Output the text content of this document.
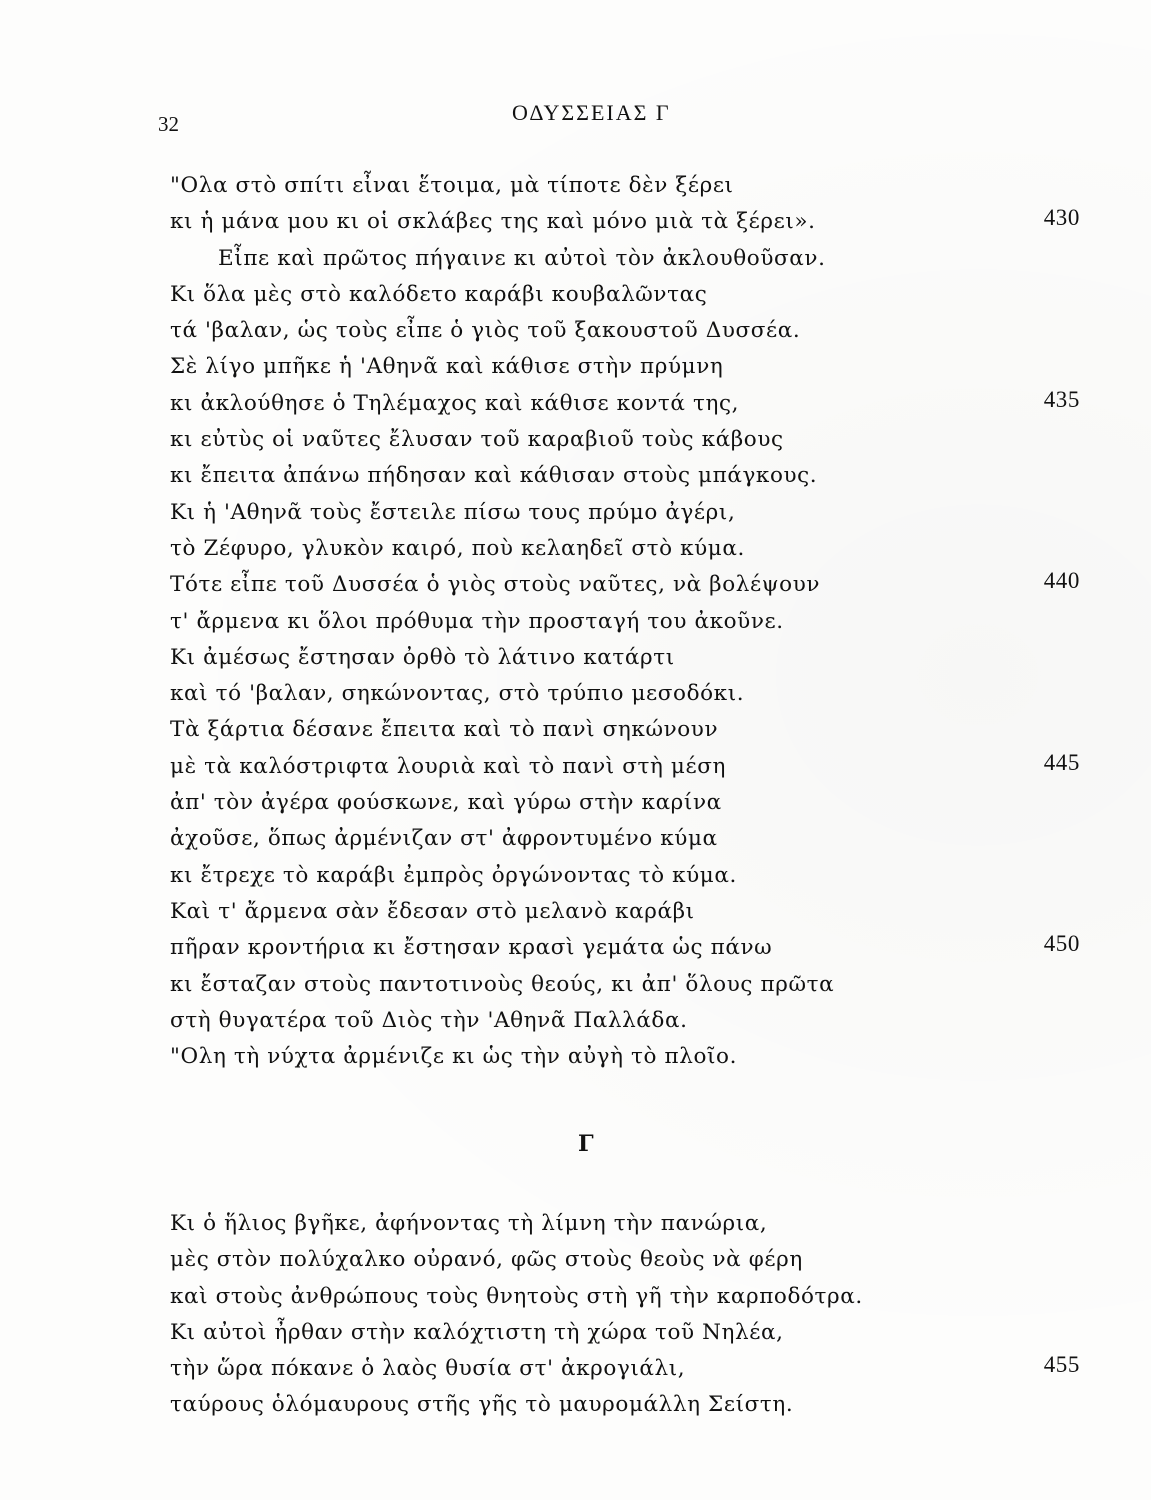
32	ΟΔΥΣΣΕΙΑΣ Γ
"Ολα στὸ σπίτι εἶναι ἕτοιμα, μὰ τίποτε δὲν ξέρει
κι ἡ μάνα μου κι οἱ σκλάβες της καὶ μόνο μιὰ τὰ ξέρει».	430
Εἶπε καὶ πρῶτος πήγαινε κι αὐτοὶ τὸν ἀκλουθοῦσαν.
Κι ὅλα μὲς στὸ καλόδετο καράβι κουβαλῶντας
τά 'βαλαν, ὡς τοὺς εἶπε ὁ γιὸς τοῦ ξακουστοῦ Δυσσέα.
Σὲ λίγο μπῆκε ἡ 'Αθηνᾶ καὶ κάθισε στὴν πρύμνη
κι ἀκλούθησε ὁ Τηλέμαχος καὶ κάθισε κοντά της,	435
κι εὐτὺς οἱ ναῦτες ἔλυσαν τοῦ καραβιοῦ τοὺς κάβους
κι ἔπειτα ἀπάνω πήδησαν καὶ κάθισαν στοὺς μπάγκους.
Κι ἡ 'Αθηνᾶ τοὺς ἔστειλε πίσω τους πρύμο ἀγέρι,
τὸ Ζέφυρο, γλυκὸν καιρό, ποὺ κελαηδεῖ στὸ κύμα.
Τότε εἶπε τοῦ Δυσσέα ὁ γιὸς στοὺς ναῦτες, νὰ βολέψουν	440
τ' ἄρμενα κι ὅλοι πρόθυμα τὴν προσταγή του ἀκοῦνε.
Κι ἀμέσως ἔστησαν ὀρθὸ τὸ λάτινο κατάρτι
καὶ τό 'βαλαν, σηκώνοντας, στὸ τρύπιο μεσοδόκι.
Τὰ ξάρτια δέσανε ἔπειτα καὶ τὸ πανὶ σηκώνουν
μὲ τὰ καλόστριφτα λουριὰ καὶ τὸ πανὶ στὴ μέση	445
ἀπ' τὸν ἀγέρα φούσκωνε, καὶ γύρω στὴν καρίνα
ἀχοῦσε, ὅπως ἀρμένιζαν στ' ἀφροντυμένο κύμα
κι ἔτρεχε τὸ καράβι ἐμπρὸς ὀργώνοντας τὸ κύμα.
Καὶ τ' ἄρμενα σὰν ἔδεσαν στὸ μελανὸ καράβι
πῆραν κροντήρια κι ἔστησαν κρασὶ γεμάτα ὡς πάνω	450
κι ἔσταζαν στοὺς παντοτινοὺς θεούς, κι ἀπ' ὅλους πρῶτα
στὴ θυγατέρα τοῦ Διὸς τὴν 'Αθηνᾶ Παλλάδα.
"Ολη τὴ νύχτα ἀρμένιζε κι ὡς τὴν αὐγὴ τὸ πλοῖο.
Γ
Κι ὁ ἥλιος βγῆκε, ἀφήνοντας τὴ λίμνη τὴν πανώρια,
μὲς στὸν πολύχαλκο οὐρανό, φῶς στοὺς θεοὺς νὰ φέρη
καὶ στοὺς ἀνθρώπους τοὺς θνητοὺς στὴ γῆ τὴν καρποδότρα.
Κι αὐτοὶ ἦρθαν στὴν καλόχτιστη τὴ χώρα τοῦ Νηλέα,
τὴν ὥρα πόκανε ὁ λαὸς θυσία στ' ἀκρογιάλι,	455
ταύρους ὁλόμαυρους στῆς γῆς τὸ μαυρομάλλη Σείστη.
